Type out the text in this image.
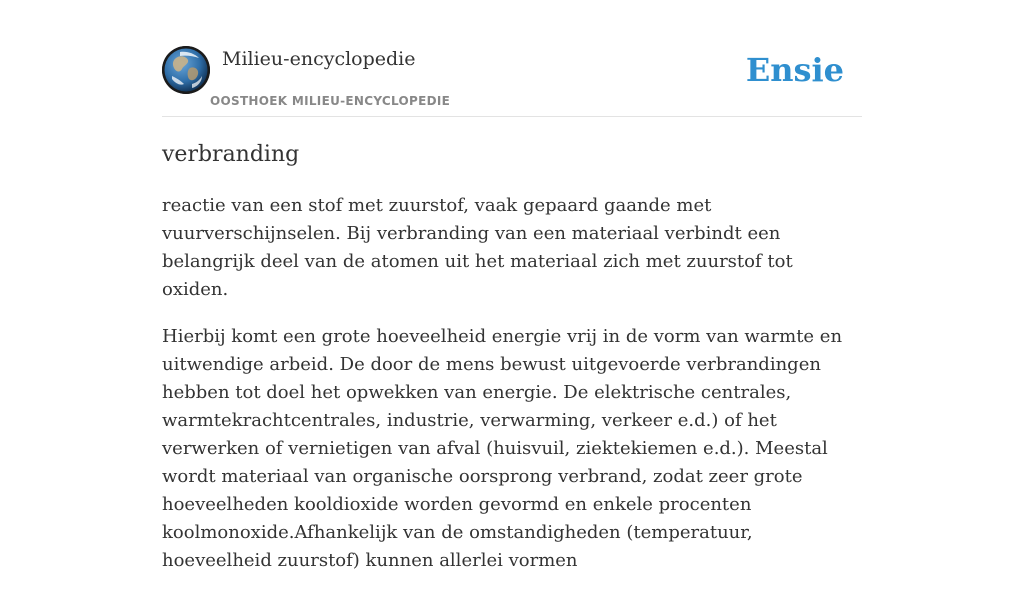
Milieu-encyclopedie
OOSTHOEK MILIEU-ENCYCLOPEDIE
Ensie
verbranding

reactie van een stof met zuurstof, vaak gepaard gaande met vuurverschijnselen. Bij verbranding van een materiaal verbindt een belangrijk deel van de atomen uit het materiaal zich met zuurstof tot oxiden.

Hierbij komt een grote hoeveelheid energie vrij in de vorm van warmte en uitwendige arbeid. De door de mens bewust uitgevoerde verbrandingen hebben tot doel het opwekken van energie. De elektrische centrales, warmtekrachtcentrales, industrie, verwarming, verkeer e.d.) of het verwerken of vernietigen van afval (huisvuil, ziektekiemen e.d.). Meestal wordt materiaal van organische oorsprong verbrand, zodat zeer grote hoeveelheden kooldioxide worden gevormd en enkele procenten koolmonoxide.Afhankelijk van de omstandigheden (temperatuur, hoeveelheid zuurstof) kunnen allerlei vormen
